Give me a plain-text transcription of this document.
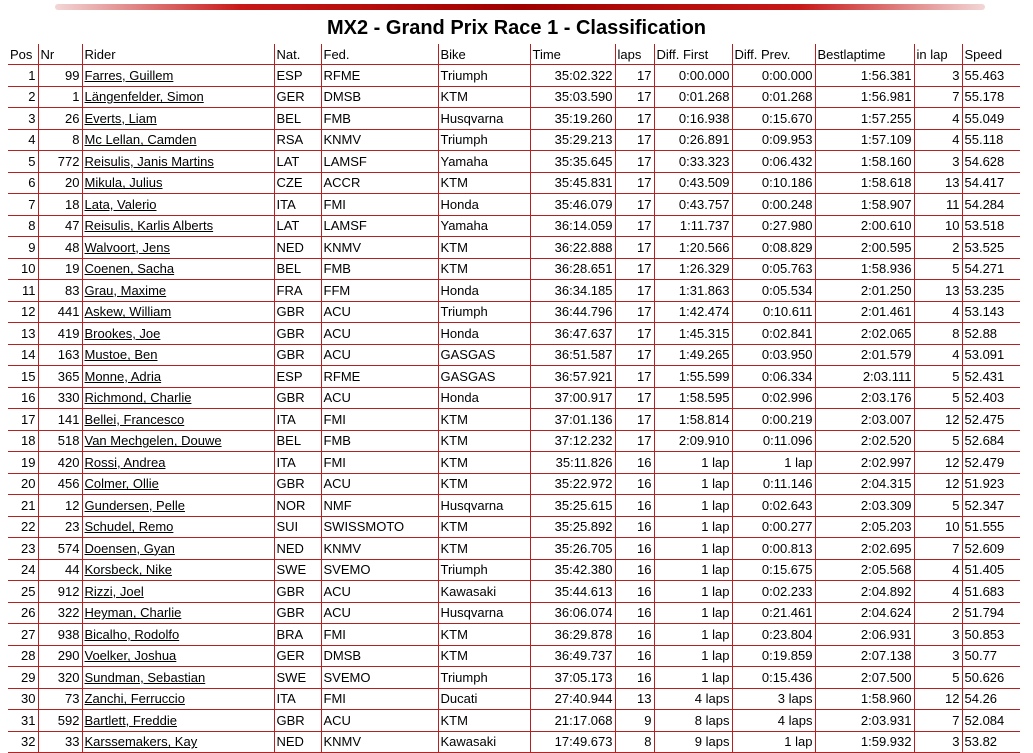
MX2 - Grand Prix Race 1 - Classification
Pos	Nr	Rider	Nat.	Fed.	Bike	Time	laps	Diff. First	Diff. Prev.	Bestlaptime	in lap	Speed
1	99	Farres, Guillem	ESP	RFME	Triumph	35:02.322	17	0:00.000	0:00.000	1:56.381	3	55.463
2	1	Längenfelder, Simon	GER	DMSB	KTM	35:03.590	17	0:01.268	0:01.268	1:56.981	7	55.178
3	26	Everts, Liam	BEL	FMB	Husqvarna	35:19.260	17	0:16.938	0:15.670	1:57.255	4	55.049
4	8	Mc Lellan, Camden	RSA	KNMV	Triumph	35:29.213	17	0:26.891	0:09.953	1:57.109	4	55.118
5	772	Reisulis, Janis Martins	LAT	LAMSF	Yamaha	35:35.645	17	0:33.323	0:06.432	1:58.160	3	54.628
6	20	Mikula, Julius	CZE	ACCR	KTM	35:45.831	17	0:43.509	0:10.186	1:58.618	13	54.417
7	18	Lata, Valerio	ITA	FMI	Honda	35:46.079	17	0:43.757	0:00.248	1:58.907	11	54.284
8	47	Reisulis, Karlis Alberts	LAT	LAMSF	Yamaha	36:14.059	17	1:11.737	0:27.980	2:00.610	10	53.518
9	48	Walvoort, Jens	NED	KNMV	KTM	36:22.888	17	1:20.566	0:08.829	2:00.595	2	53.525
10	19	Coenen, Sacha	BEL	FMB	KTM	36:28.651	17	1:26.329	0:05.763	1:58.936	5	54.271
11	83	Grau, Maxime	FRA	FFM	Honda	36:34.185	17	1:31.863	0:05.534	2:01.250	13	53.235
12	441	Askew, William	GBR	ACU	Triumph	36:44.796	17	1:42.474	0:10.611	2:01.461	4	53.143
13	419	Brookes, Joe	GBR	ACU	Honda	36:47.637	17	1:45.315	0:02.841	2:02.065	8	52.88
14	163	Mustoe, Ben	GBR	ACU	GASGAS	36:51.587	17	1:49.265	0:03.950	2:01.579	4	53.091
15	365	Monne, Adria	ESP	RFME	GASGAS	36:57.921	17	1:55.599	0:06.334	2:03.111	5	52.431
16	330	Richmond, Charlie	GBR	ACU	Honda	37:00.917	17	1:58.595	0:02.996	2:03.176	5	52.403
17	141	Bellei, Francesco	ITA	FMI	KTM	37:01.136	17	1:58.814	0:00.219	2:03.007	12	52.475
18	518	Van Mechgelen, Douwe	BEL	FMB	KTM	37:12.232	17	2:09.910	0:11.096	2:02.520	5	52.684
19	420	Rossi, Andrea	ITA	FMI	KTM	35:11.826	16	1 lap	1 lap	2:02.997	12	52.479
20	456	Colmer, Ollie	GBR	ACU	KTM	35:22.972	16	1 lap	0:11.146	2:04.315	12	51.923
21	12	Gundersen, Pelle	NOR	NMF	Husqvarna	35:25.615	16	1 lap	0:02.643	2:03.309	5	52.347
22	23	Schudel, Remo	SUI	SWISSMOTO	KTM	35:25.892	16	1 lap	0:00.277	2:05.203	10	51.555
23	574	Doensen, Gyan	NED	KNMV	KTM	35:26.705	16	1 lap	0:00.813	2:02.695	7	52.609
24	44	Korsbeck, Nike	SWE	SVEMO	Triumph	35:42.380	16	1 lap	0:15.675	2:05.568	4	51.405
25	912	Rizzi, Joel	GBR	ACU	Kawasaki	35:44.613	16	1 lap	0:02.233	2:04.892	4	51.683
26	322	Heyman, Charlie	GBR	ACU	Husqvarna	36:06.074	16	1 lap	0:21.461	2:04.624	2	51.794
27	938	Bicalho, Rodolfo	BRA	FMI	KTM	36:29.878	16	1 lap	0:23.804	2:06.931	3	50.853
28	290	Voelker, Joshua	GER	DMSB	KTM	36:49.737	16	1 lap	0:19.859	2:07.138	3	50.77
29	320	Sundman, Sebastian	SWE	SVEMO	Triumph	37:05.173	16	1 lap	0:15.436	2:07.500	5	50.626
30	73	Zanchi, Ferruccio	ITA	FMI	Ducati	27:40.944	13	4 laps	3 laps	1:58.960	12	54.26
31	592	Bartlett, Freddie	GBR	ACU	KTM	21:17.068	9	8 laps	4 laps	2:03.931	7	52.084
32	33	Karssemakers, Kay	NED	KNMV	Kawasaki	17:49.673	8	9 laps	1 lap	1:59.932	3	53.82
